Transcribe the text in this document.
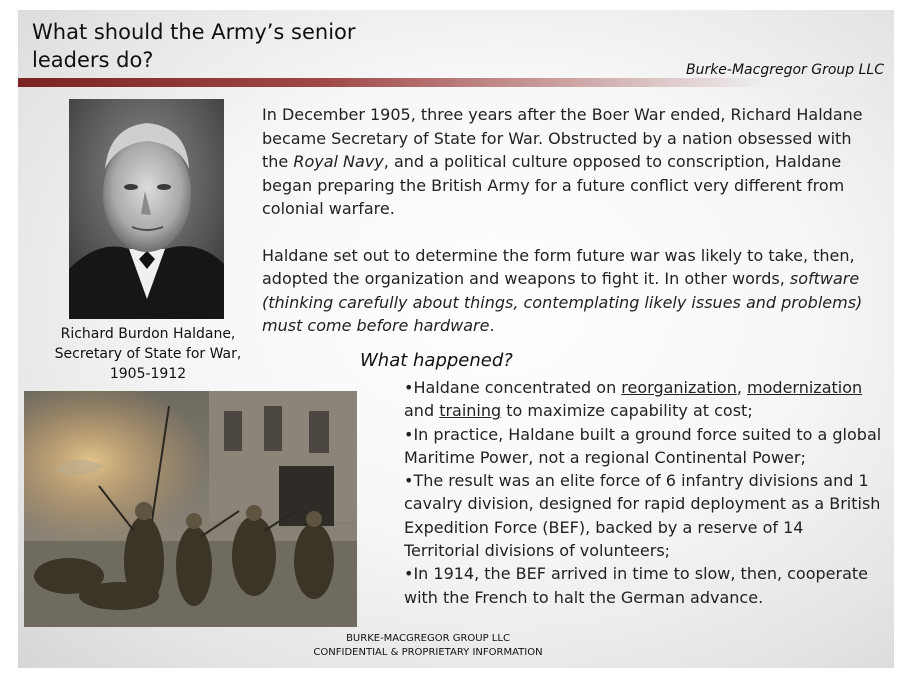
What should the Army’s senior leaders do?	Burke-Macgregor Group LLC
Richard Burdon Haldane,
Secretary of State for War,
1905-1912

In December 1905, three years after the Boer War ended, Richard Haldane became Secretary of State for War. Obstructed by a nation obsessed with the Royal Navy, and a political culture opposed to conscription, Haldane began preparing the British Army for a future conflict very different from colonial warfare.

Haldane set out to determine the form future war was likely to take, then, adopted the organization and weapons to fight it. In other words, software (thinking carefully about things, contemplating likely issues and problems) must come before hardware.

What happened?
•Haldane concentrated on reorganization, modernization and training to maximize capability at cost;
•In practice, Haldane built a ground force suited to a global Maritime Power, not a regional Continental Power;
•The result was an elite force of 6 infantry divisions and 1 cavalry division, designed for rapid deployment as a British Expedition Force (BEF), backed by a reserve of 14 Territorial divisions of volunteers;
•In 1914, the BEF arrived in time to slow, then, cooperate with the French to halt the German advance.
BURKE-MACGREGOR GROUP LLC
CONFIDENTIAL & PROPRIETARY INFORMATION
